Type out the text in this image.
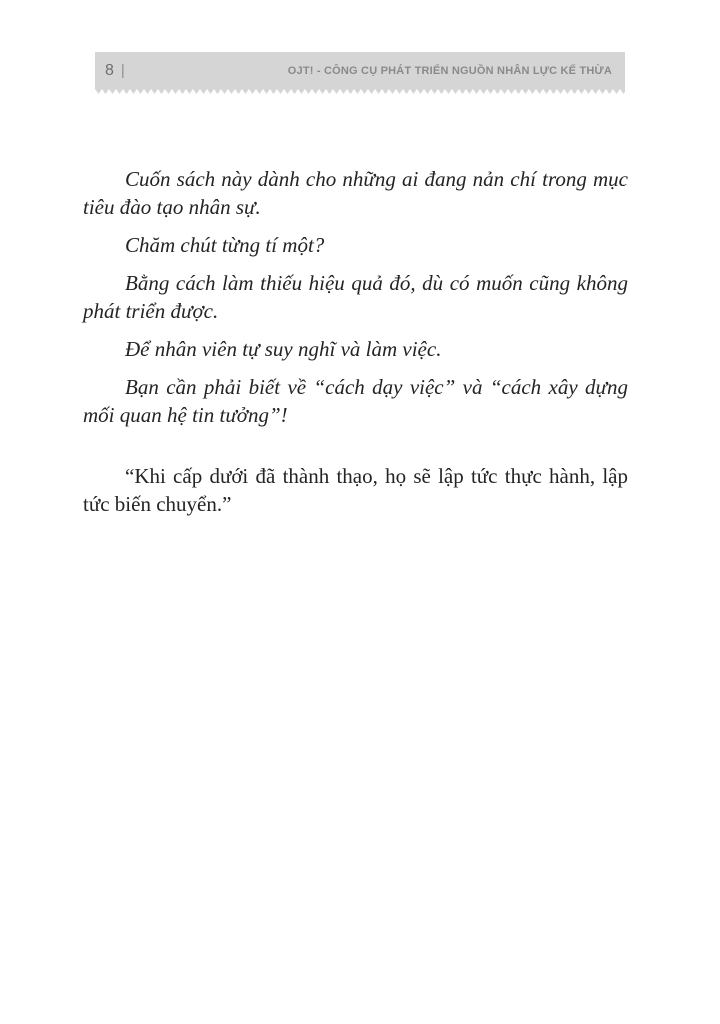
8 |	OJT! - CÔNG CỤ PHÁT TRIỂN NGUỒN NHÂN LỰC KẾ THỪA

Cuốn sách này dành cho những ai đang nản chí trong mục tiêu đào tạo nhân sự.

Chăm chút từng tí một?

Bằng cách làm thiếu hiệu quả đó, dù có muốn cũng không phát triển được.

Để nhân viên tự suy nghĩ và làm việc.

Bạn cần phải biết về “cách dạy việc” và “cách xây dựng mối quan hệ tin tưởng”!

“Khi cấp dưới đã thành thạo, họ sẽ lập tức thực hành, lập tức biến chuyển.”
